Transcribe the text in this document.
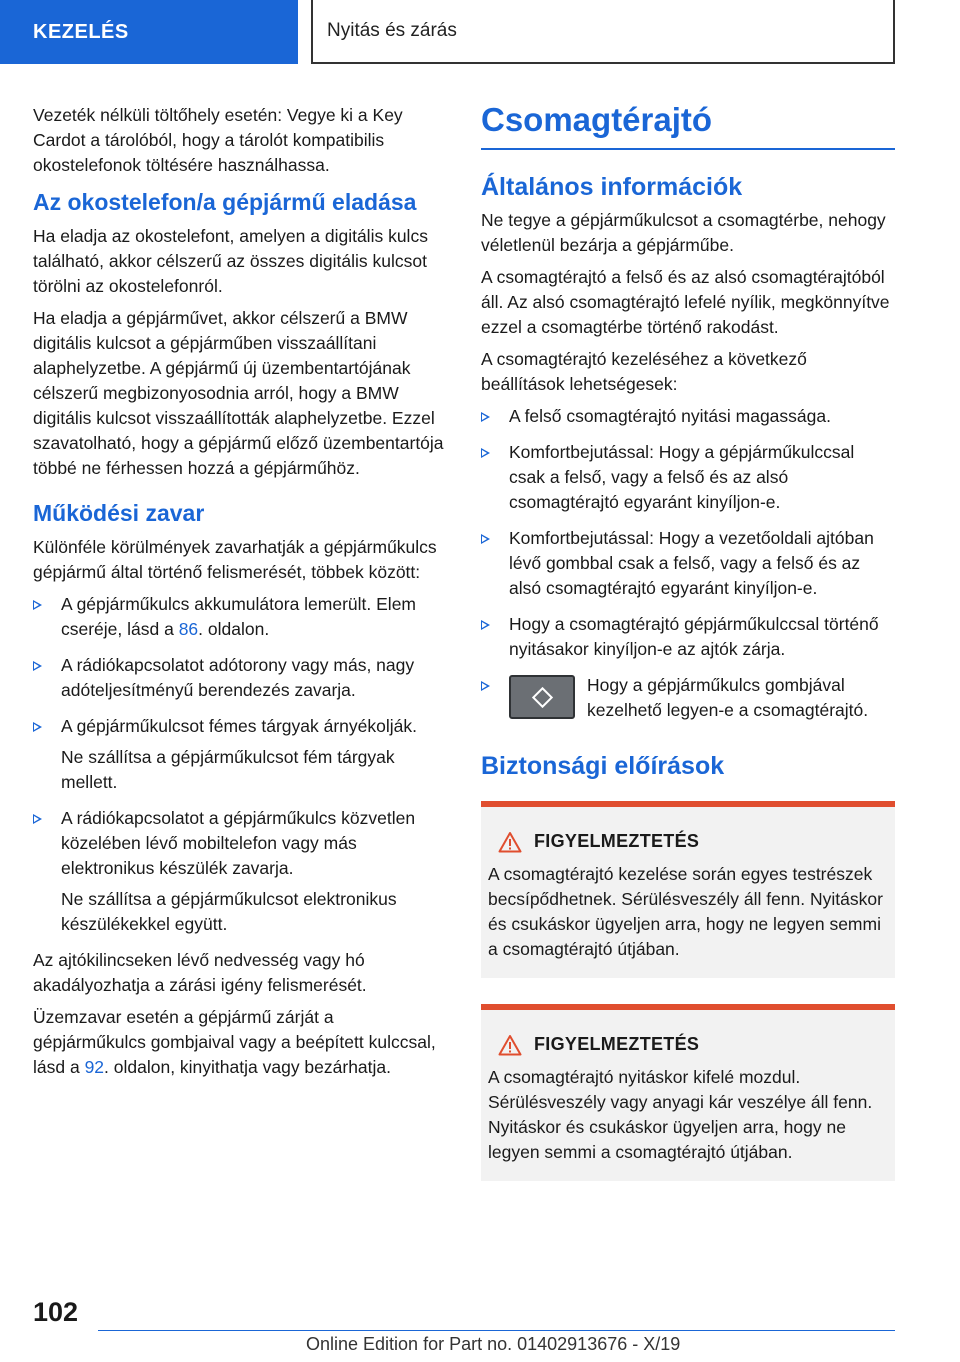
KEZELÉS	Nyitás és zárás

Vezeték nélküli töltőhely esetén: Vegye ki a Key Cardot a tárolóból, hogy a tárolót kompatibilis okostelefonok töltésére használhassa.

Az okostelefon/a gépjármű eladása

Ha eladja az okostelefont, amelyen a digitális kulcs található, akkor célszerű az összes digitális kulcsot törölni az okostelefonról.

Ha eladja a gépjárművet, akkor célszerű a BMW digitális kulcsot a gépjárműben visszaállítani alaphelyzetbe. A gépjármű új üzembentartójának célszerű megbizonyosodnia arról, hogy a BMW digitális kulcsot visszaállították alaphelyzetbe. Ezzel szavatolható, hogy a gépjármű előző üzembentartója többé ne férhessen hozzá a gépjárműhöz.

Működési zavar

Különféle körülmények zavarhatják a gépjárműkulcs gépjármű által történő felismerését, többek között:

A gépjárműkulcs akkumulátora lemerült. Elem cseréje, lásd a 86. oldalon.
A rádiókapcsolatot adótorony vagy más, nagy adóteljesítményű berendezés zavarja.
A gépjárműkulcsot fémes tárgyak árnyékolják.
Ne szállítsa a gépjárműkulcsot fém tárgyak mellett.
A rádiókapcsolatot a gépjárműkulcs közvetlen közelében lévő mobiltelefon vagy más elektronikus készülék zavarja.
Ne szállítsa a gépjárműkulcsot elektronikus készülékekkel együtt.

Az ajtókilincseken lévő nedvesség vagy hó akadályozhatja a zárási igény felismerését.

Üzemzavar esetén a gépjármű zárját a gépjárműkulcs gombjaival vagy a beépített kulccsal, lásd a 92. oldalon, kinyithatja vagy bezárhatja.

Csomagtérajtó
Általános információk

Ne tegye a gépjárműkulcsot a csomagtérbe, nehogy véletlenül bezárja a gépjárműbe.

A csomagtérajtó a felső és az alsó csomagtérajtóból áll. Az alsó csomagtérajtó lefelé nyílik, megkönnyítve ezzel a csomagtérbe történő rakodást.

A csomagtérajtó kezeléséhez a következő beállítások lehetségesek:

A felső csomagtérajtó nyitási magassága.
Komfortbejutással: Hogy a gépjárműkulccsal csak a felső, vagy a felső és az alsó csomagtérajtó egyaránt kinyíljon-e.
Komfortbejutással: Hogy a vezetőoldali ajtóban lévő gombbal csak a felső, vagy a felső és az alsó csomagtérajtó egyaránt kinyíljon-e.
Hogy a csomagtérajtó gépjárműkulccsal történő nyitásakor kinyíljon-e az ajtók zárja.
Hogy a gépjárműkulcs gombjával kezelhető legyen-e a csomagtérajtó.
Biztonsági előírások
FIGYELMEZTETÉS

A csomagtérajtó kezelése során egyes testrészek becsípődhetnek. Sérülésveszély áll fenn. Nyitáskor és csukáskor ügyeljen arra, hogy ne legyen semmi a csomagtérajtó útjában.

FIGYELMEZTETÉS

A csomagtérajtó nyitáskor kifelé mozdul. Sérülésveszély vagy anyagi kár veszélye áll fenn. Nyitáskor és csukáskor ügyeljen arra, hogy ne legyen semmi a csomagtérajtó útjában.

102
Online Edition for Part no. 01402913676 - X/19
